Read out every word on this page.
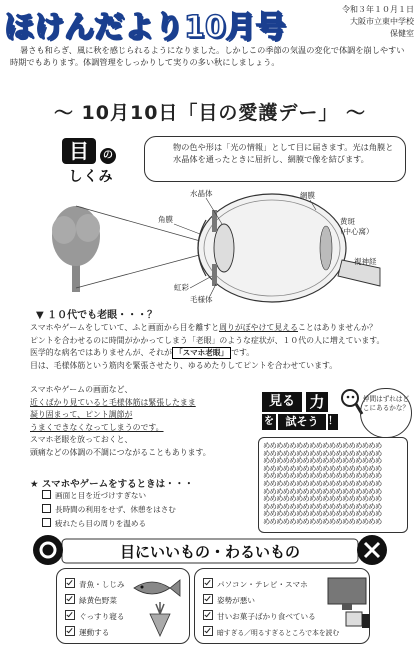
ほけんだより10月号
令和３年１０月１日
大阪市立東中学校
保健室
暑さも和らぎ、風に秋を感じられるようになりました。しかしこの季節の気温の変化で体調を崩しやすい時期でもあります。体調管理をしっかりして実りの多い秋にしましょう。
～ 10月10日「目の愛護デー」 ～
目	の
しくみ
物の色や形は「光の情報」として目に届きます。光は角膜と水晶体を通ったときに屈折し、網膜で像を結びます。
水晶体
角膜
網膜
黄斑
（中心窩）
視神経
虹彩
毛様体
▼ １０代でも老眼・・・？
スマホやゲームをしていて、ふと画面から目を離すと周りがぼやけて見えることはありませんか？
ピントを合わせるのに時間がかかってしまう「老眼」のような症状が、１０代の人に増えています。
医学的な病名ではありませんが、それが 「スマホ老眼」 です。
目は、毛様体筋という筋肉を緊張させたり、ゆるめたりしてピントを合わせています。
スマホやゲームの画面など、
近くばかり見ていると毛様体筋は緊張したまま
凝り固まって、ピント調節が
うまくできなくなってしまうのです。
スマホ老眼を放っておくと、
頭痛などの体調の不調につながることもあります。
★ スマホやゲームをするときは・・・
画面と目を近づけすぎない
長時間の利用をせず、休憩をはさむ
疲れたら目の周りを温める
見る 力
を	試そう ！
仲間はずれはどこにあるかな？
めめめめめめめめめめめめめめめめめめ
めめめめめめめめめめめめめめめめめめ
めめめめめめめめめめめめめめめめめめ
めめめめめめめめめめめめめめめめめめ
めめめめめめめめめめめめめめめめめめ
めめめめめめめめめめめめめめめめめめ
めめめめめめめめめめめめめめめめめめ
めめめめめめめめめめめめめめめめめめ
めめめめめめめめめめめめめめめめめめ
めめめめめめめめめめめめめめめめめめ
めめめめめめめめめめめめめめめめめめ
目にいいもの・わるいもの
青魚・しじみ
緑黄色野菜
ぐっすり寝る
運動する
パソコン・テレビ・スマホ
姿勢が悪い
甘いお菓子ばかり食べている
暗すぎる／明るすぎるところで本を読む
